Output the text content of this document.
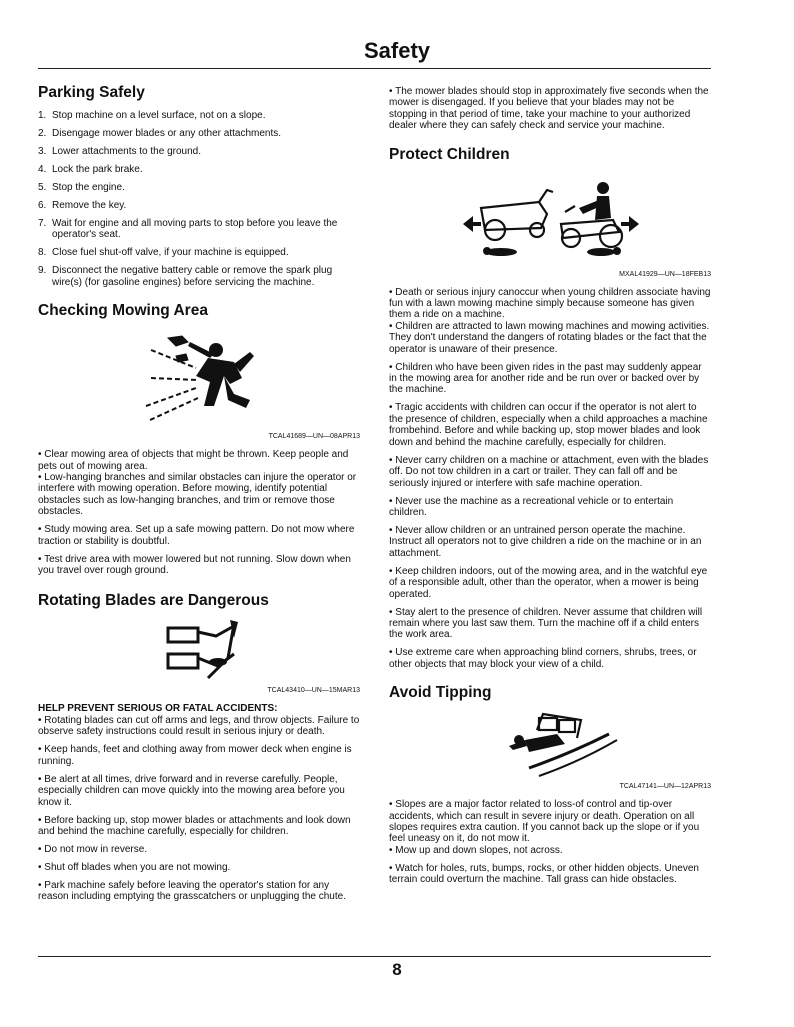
Safety
Parking Safely
1. Stop machine on a level surface, not on a slope.
2. Disengage mower blades or any other attachments.
3. Lower attachments to the ground.
4. Lock the park brake.
5. Stop the engine.
6. Remove the key.
7. Wait for engine and all moving parts to stop before you leave the operator's seat.
8. Close fuel shut-off valve, if your machine is equipped.
9. Disconnect the negative battery cable or remove the spark plug wire(s) (for gasoline engines) before servicing the machine.
Checking Mowing Area
TCAL41689—UN—08APR13

• Clear mowing area of objects that might be thrown. Keep people and pets out of mowing area.
• Low-hanging branches and similar obstacles can injure the operator or interfere with mowing operation. Before mowing, identify potential obstacles such as low-hanging branches, and trim or remove those obstacles.

• Study mowing area. Set up a safe mowing pattern. Do not mow where traction or stability is doubtful.

• Test drive area with mower lowered but not running. Slow down when you travel over rough ground.

Rotating Blades are Dangerous
TCAL43410—UN—15MAR13
HELP PREVENT SERIOUS OR FATAL ACCIDENTS:

• Rotating blades can cut off arms and legs, and throw objects. Failure to observe safety instructions could result in serious injury or death.

• Keep hands, feet and clothing away from mower deck when engine is running.

• Be alert at all times, drive forward and in reverse carefully. People, especially children can move quickly into the mowing area before you know it.

• Before backing up, stop mower blades or attachments and look down and behind the machine carefully, especially for children.

• Do not mow in reverse.

• Shut off blades when you are not mowing.

• Park machine safely before leaving the operator's station for any reason including emptying the grasscatchers or unplugging the chute.

• The mower blades should stop in approximately five seconds when the mower is disengaged. If you believe that your blades may not be stopping in that period of time, take your machine to your authorized dealer where they can safely check and service your machine.

Protect Children
MXAL41929—UN—18FEB13

• Death or serious injury canoccur when young children associate having fun with a lawn mowing machine simply because someone has given them a ride on a machine.
• Children are attracted to lawn mowing machines and mowing activities. They don't understand the dangers of rotating blades or the fact that the operator is unaware of their presence.

• Children who have been given rides in the past may suddenly appear in the mowing area for another ride and be run over or backed over by the machine.

• Tragic accidents with children can occur if the operator is not alert to the presence of children, especially when a child approaches a machine frombehind. Before and while backing up, stop mower blades and look down and behind the machine carefully, especially for children.

• Never carry children on a machine or attachment, even with the blades off. Do not tow children in a cart or trailer. They can fall off and be seriously injured or interfere with safe machine operation.

• Never use the machine as a recreational vehicle or to entertain children.

• Never allow children or an untrained person operate the machine. Instruct all operators not to give children a ride on the machine or in an attachment.

• Keep children indoors, out of the mowing area, and in the watchful eye of a responsible adult, other than the operator, when a mower is being operated.

• Stay alert to the presence of children. Never assume that children will remain where you last saw them. Turn the machine off if a child enters the work area.

• Use extreme care when approaching blind corners, shrubs, trees, or other objects that may block your view of a child.

Avoid Tipping
TCAL47141—UN—12APR13

• Slopes are a major factor related to loss-of control and tip-over accidents, which can result in severe injury or death. Operation on all slopes requires extra caution. If you cannot back up the slope or if you feel uneasy on it, do not mow it.
• Mow up and down slopes, not across.

• Watch for holes, ruts, bumps, rocks, or other hidden objects. Uneven terrain could overturn the machine. Tall grass can hide obstacles.

8
